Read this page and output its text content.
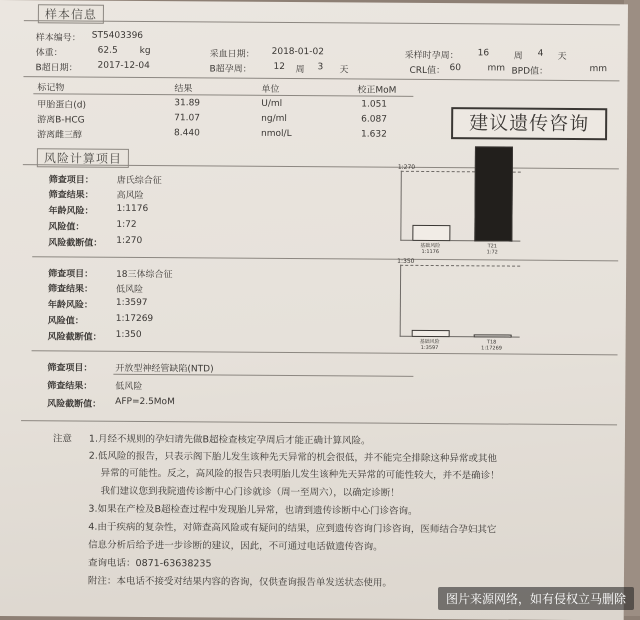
样本信息
样本编号： ST5403396
体重：	62.5 kg
B超日期： 2017-12-04
采血日期： 2018-01-02
B超孕周： 12 周 3 天
采样时孕周： 16	周 4 天
CRL值： 60	mm BPD值：	mm
标记物	结果	单位	校正MoM
甲胎蛋白(d)	31.89	U/ml	1.051
游离B-HCG	71.07	ng/ml	6.087
游离雌三醇	8.440	nmol/L	1.632	建议遗传咨询
风险计算项目
筛查项目：	唐氏综合征
筛查结果：	高风险
年龄风险：	1:1176
风险值：	1:72
风险截断值： 1:270
1:270
基础风险
1:1176
T21
1:72
筛查项目：	18三体综合征
筛查结果：	低风险
年龄风险：	1:3597
风险值：	1:17269
风险截断值： 1:350
1:350
基础风险
1:3597
T18
1:17269
筛查项目：	开放型神经管缺陷(NTD)
筛查结果：	低风险
风险截断值： AFP=2.5MoM
注意 1.月经不规则的孕妇请先做B超检查核定孕周后才能正确计算风险。
2.低风险的报告，只表示阁下胎儿发生该种先天异常的机会很低，并不能完全排除这种异常或其他
异常的可能性。反之，高风险的报告只表明胎儿发生该种先天异常的可能性较大，并不是确诊！
我们建议您到我院遗传诊断中心门诊就诊（周一至周六），以确定诊断！
3.如果在产检及B超检查过程中发现胎儿异常，也请到遗传诊断中心门诊咨询。
4.由于疾病的复杂性，对筛查高风险或有疑问的结果，应到遗传咨询门诊咨询，医师结合孕妇其它
信息分析后给予进一步诊断的建议，因此，不可通过电话做遗传咨询。
查询电话：0871-63638235
附注：本电话不接受对结果内容的咨询，仅供查询报告单发送状态使用。
图片来源网络，如有侵权立马删除
